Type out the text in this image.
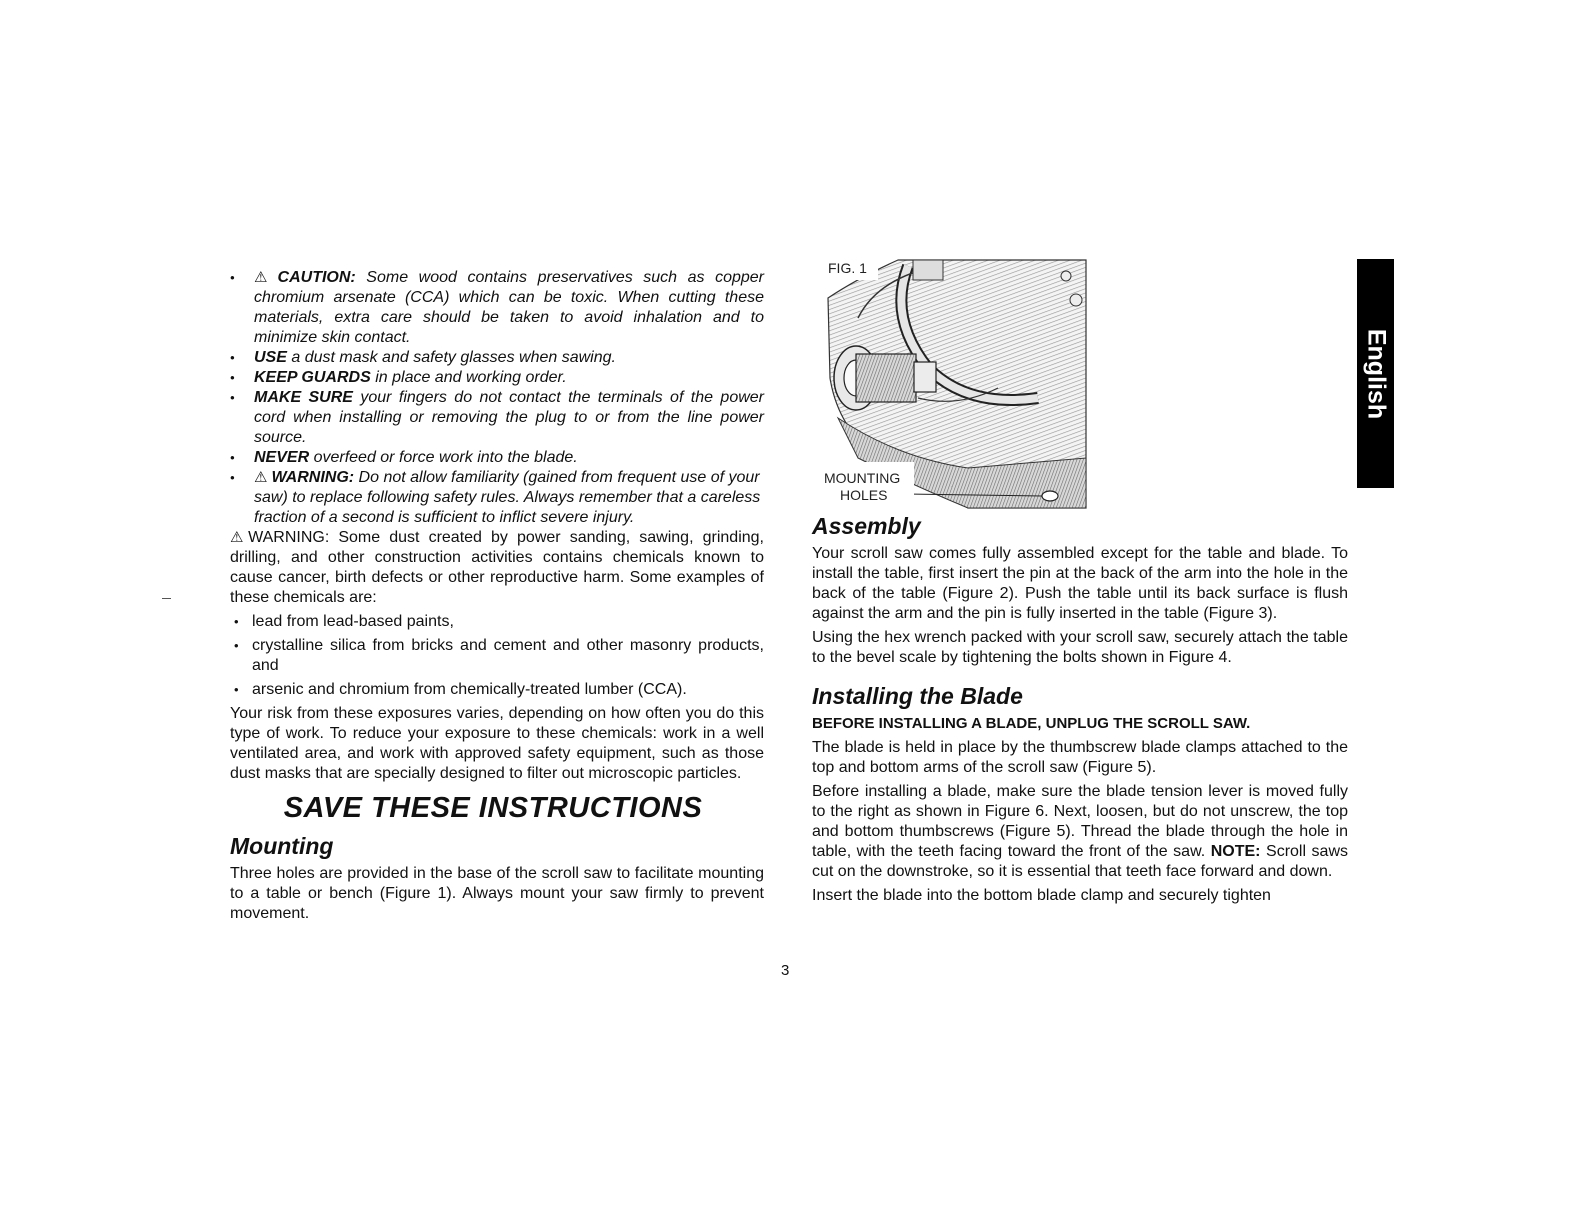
• ⚠ CAUTION: Some wood contains preservatives such as copper chromium arsenate (CCA) which can be toxic. When cutting these materials, extra care should be taken to avoid inhalation and to minimize skin contact.
• USE a dust mask and safety glasses when sawing.
• KEEP GUARDS in place and working order.
• MAKE SURE your fingers do not contact the terminals of the power cord when installing or removing the plug to or from the line power source.
• NEVER overfeed or force work into the blade.
• ⚠ WARNING: Do not allow familiarity (gained from frequent use of your saw) to replace following safety rules. Always remember that a careless fraction of a second is sufficient to inflict severe injury.

⚠WARNING: Some dust created by power sanding, sawing, grinding, drilling, and other construction activities contains chemicals known to cause cancer, birth defects or other reproductive harm. Some examples of these chemicals are:

• lead from lead-based paints,
• crystalline silica from bricks and cement and other masonry products, and
• arsenic and chromium from chemically-treated lumber (CCA).

Your risk from these exposures varies, depending on how often you do this type of work. To reduce your exposure to these chemicals: work in a well ventilated area, and work with approved safety equipment, such as those dust masks that are specially designed to filter out microscopic particles.

SAVE THESE INSTRUCTIONS
Mounting

Three holes are provided in the base of the scroll saw to facilitate mounting to a table or bench (Figure 1). Always mount your saw firmly to prevent movement.

FIG. 1
MOUNTING
HOLES
Assembly

Your scroll saw comes fully assembled except for the table and blade. To install the table, first insert the pin at the back of the arm into the hole in the back of the table (Figure 2). Push the table until its back surface is flush against the arm and the pin is fully inserted in the table (Figure 3).

Using the hex wrench packed with your scroll saw, securely attach the table to the bevel scale by tightening the bolts shown in Figure 4.

Installing the Blade
BEFORE INSTALLING A BLADE, UNPLUG THE SCROLL SAW.

The blade is held in place by the thumbscrew blade clamps attached to the top and bottom arms of the scroll saw (Figure 5).

Before installing a blade, make sure the blade tension lever is moved fully to the right as shown in Figure 6. Next, loosen, but do not unscrew, the top and bottom thumbscrews (Figure 5). Thread the blade through the hole in table, with the teeth facing toward the front of the saw. NOTE: Scroll saws cut on the downstroke, so it is essential that teeth face forward and down.

Insert the blade into the bottom blade clamp and securely tighten

English
3
